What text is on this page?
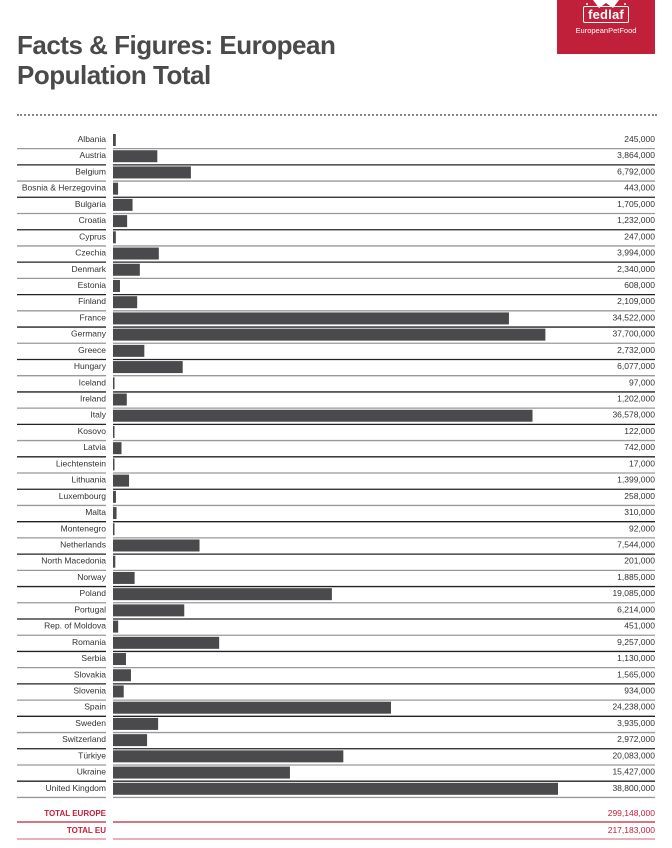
fedlaf
EuropeanPetFood
Facts & Figures: European
Population Total
Albania	245,000
Austria	3,864,000
Belgium	6,792,000
Bosnia & Herzegovina	443,000
Bulgaria	1,705,000
Croatia	1,232,000
Cyprus	247,000
Czechia	3,994,000
Denmark	2,340,000
Estonia	608,000
Finland	2,109,000
France	34,522,000
Germany	37,700,000
Greece	2,732,000
Hungary	6,077,000
Iceland	97,000
Ireland	1,202,000
Italy	36,578,000
Kosovo	122,000
Latvia	742,000
Liechtenstein	17,000
Lithuania	1,399,000
Luxembourg	258,000
Malta	310,000
Montenegro	92,000
Netherlands	7,544,000
North Macedonia	201,000
Norway	1,885,000
Poland	19,085,000
Portugal	6,214,000
Rep. of Moldova	451,000
Romania	9,257,000
Serbia	1,130,000
Slovakia	1,565,000
Slovenia	934,000
Spain	24,238,000
Sweden	3,935,000
Switzerland	2,972,000
Türkiye	20,083,000
Ukraine	15,427,000
United Kingdom	38,800,000
TOTAL EUROPE	299,148,000
TOTAL EU	217,183,000
